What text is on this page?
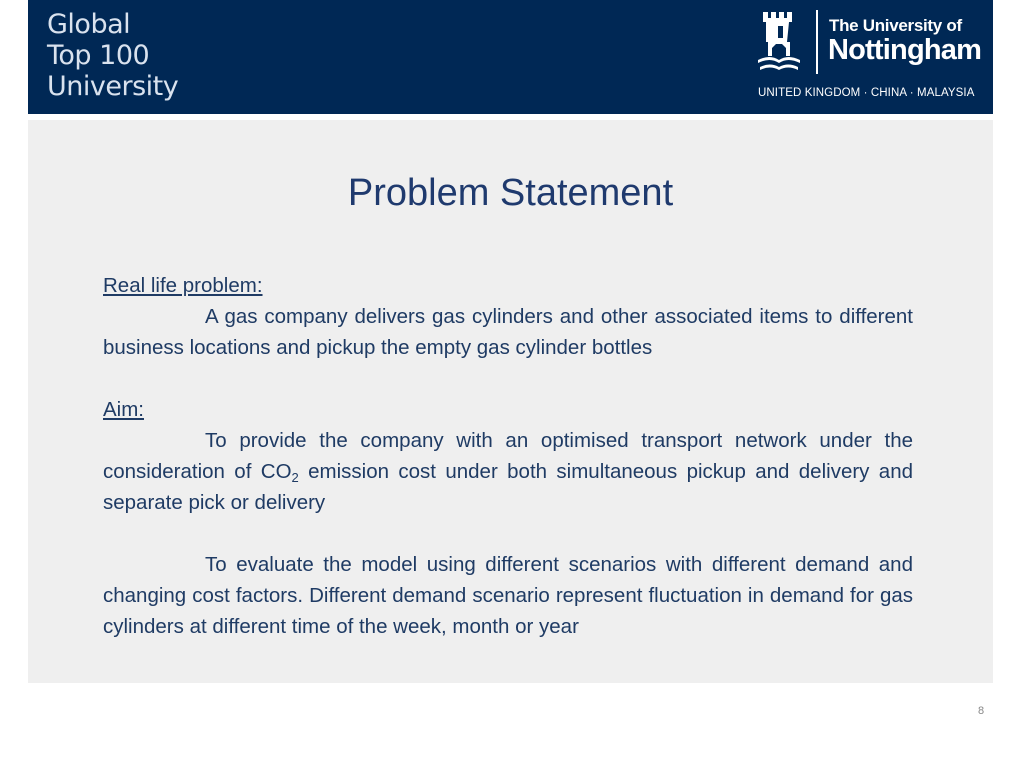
Global
Top 100
University
The University of
Nottingham
UNITED KINGDOM · CHINA · MALAYSIA
Problem Statement

Real life problem:

A gas company delivers gas cylinders and other associated items to different business locations and pickup the empty gas cylinder bottles

Aim:

To provide the company with an optimised transport network under the consideration of $CO_2$ emission cost under both simultaneous pickup and delivery and separate pick or delivery

To evaluate the model using different scenarios with different demand and changing cost factors. Different demand scenario represent fluctuation in demand for gas cylinders at different time of the week, month or year

8
